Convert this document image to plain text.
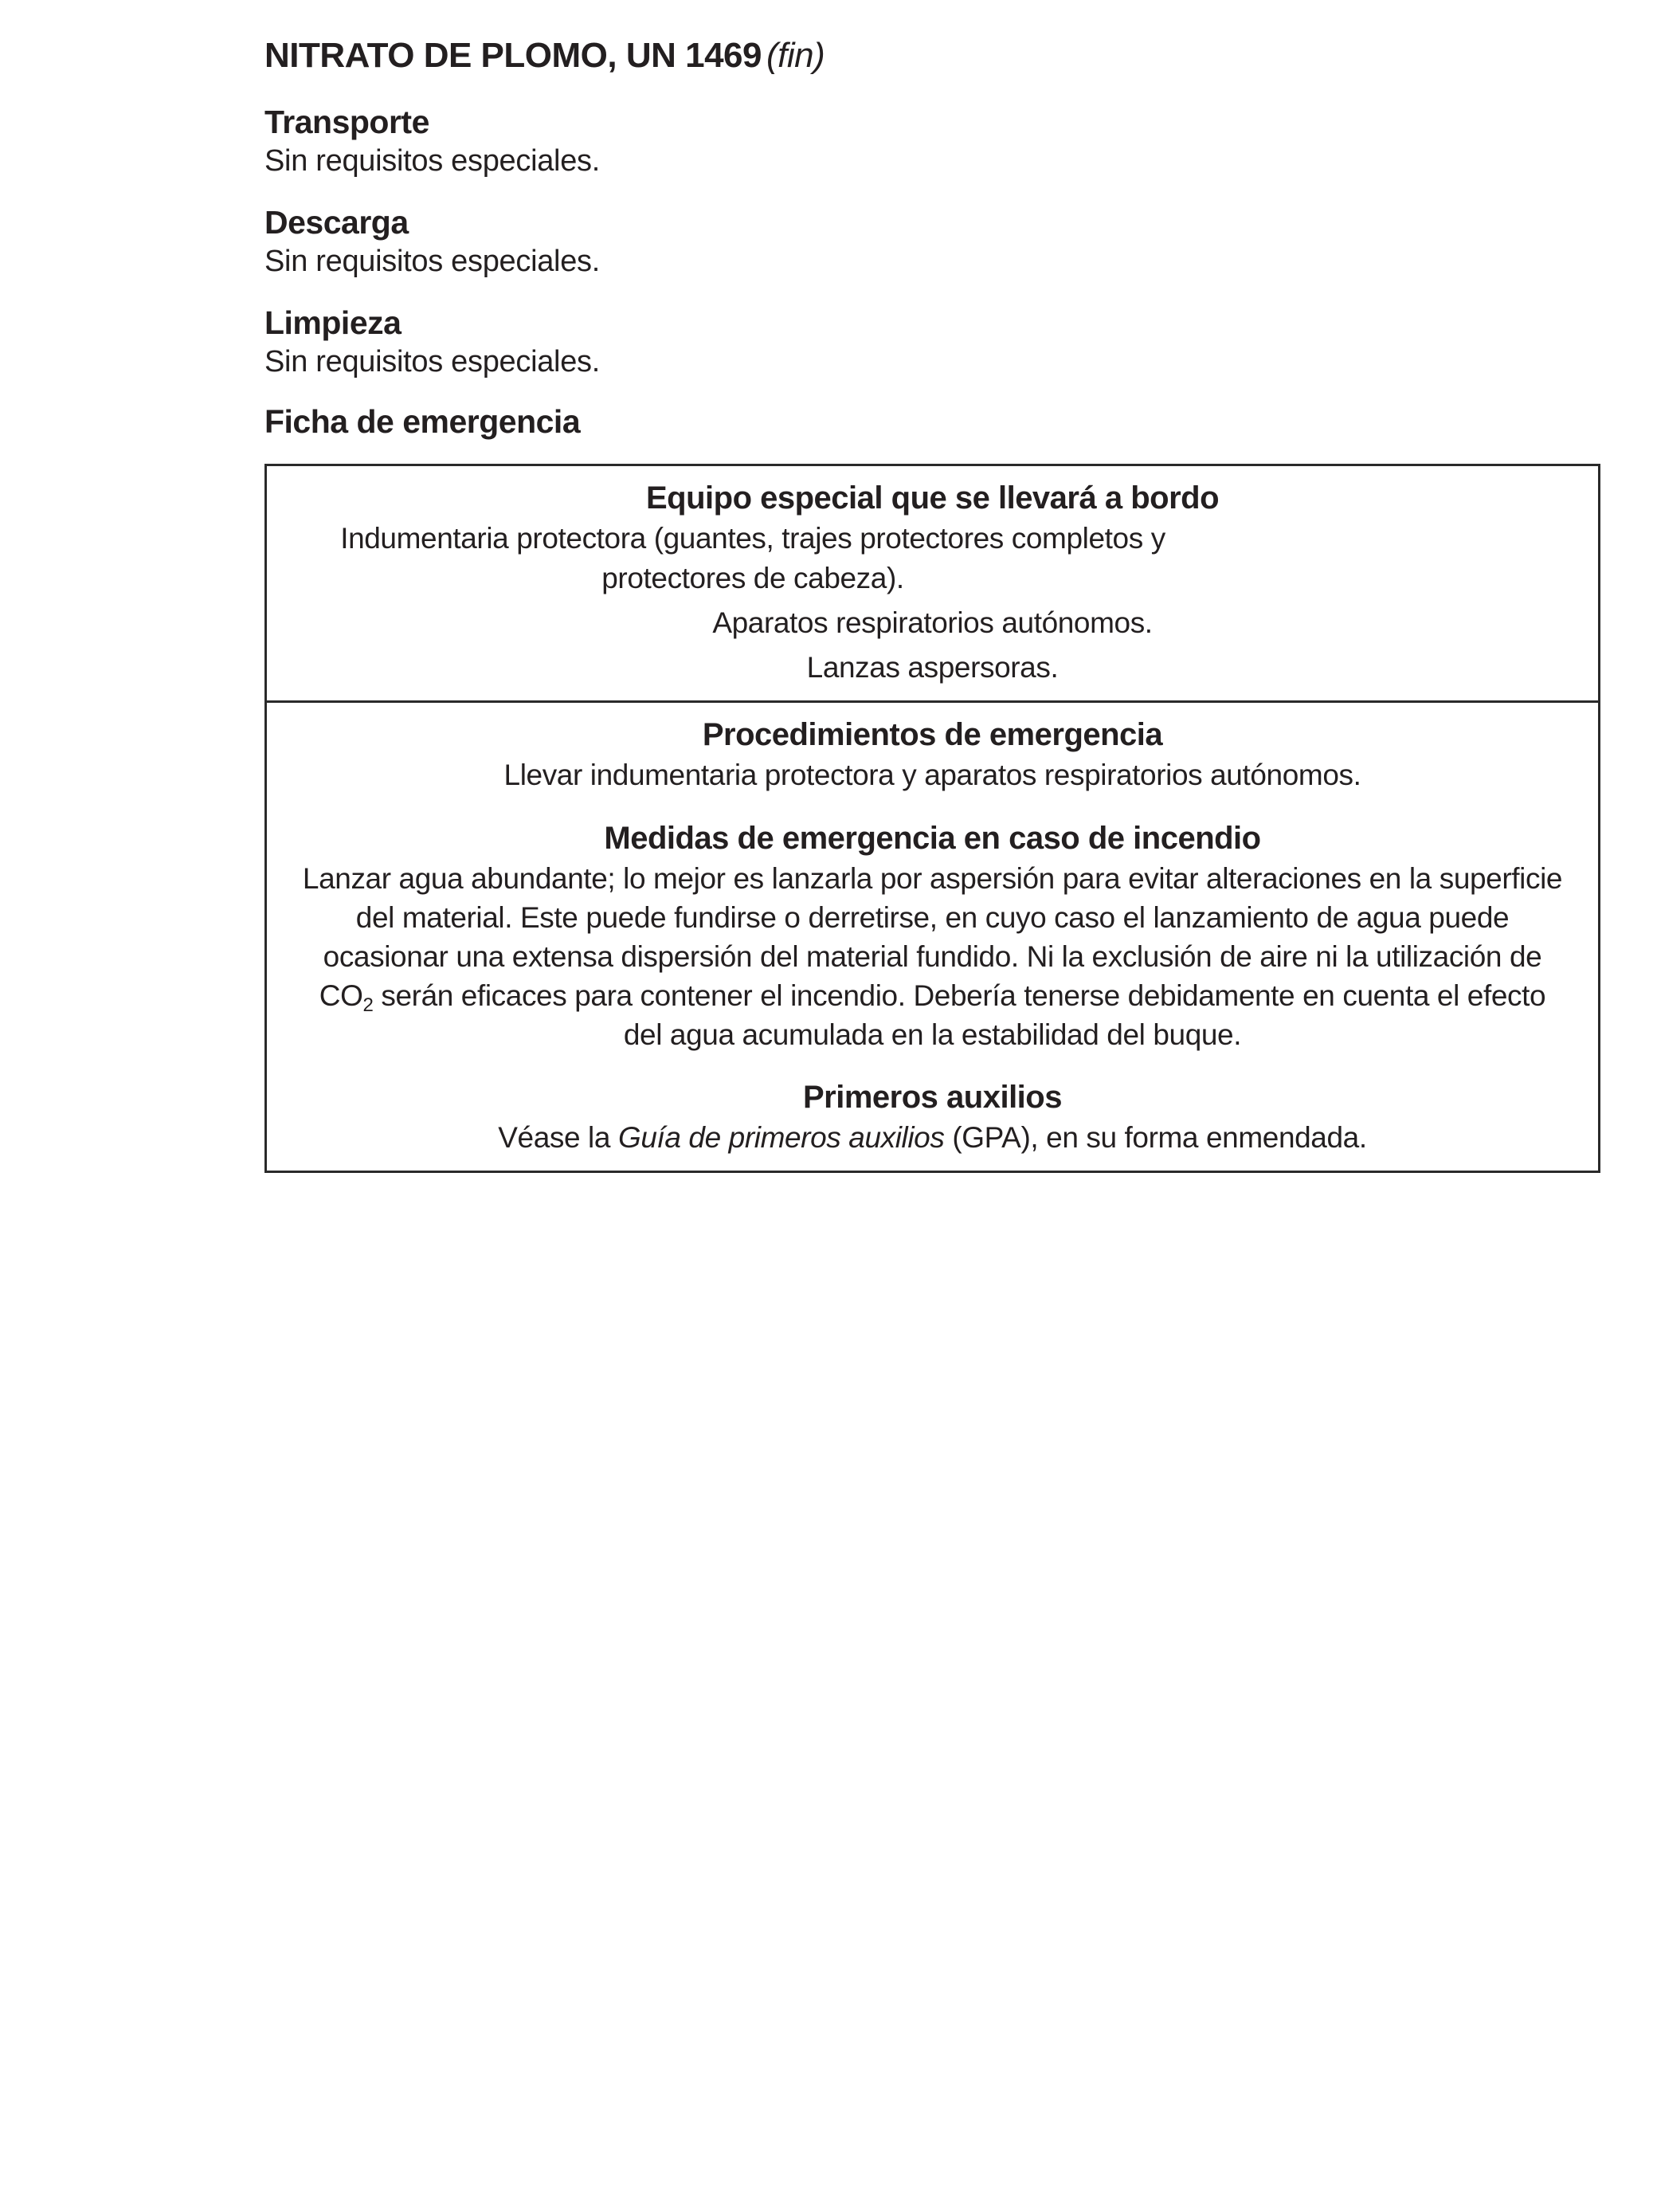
NITRATO DE PLOMO, UN 1469 (fin)
Transporte

Sin requisitos especiales.

Descarga

Sin requisitos especiales.

Limpieza

Sin requisitos especiales.

Ficha de emergencia
Equipo especial que se llevará a bordo

Indumentaria protectora (guantes, trajes protectores completos y protectores de cabeza).

Aparatos respiratorios autónomos.

Lanzas aspersoras.

Procedimientos de emergencia

Llevar indumentaria protectora y aparatos respiratorios autónomos.

Medidas de emergencia en caso de incendio

Lanzar agua abundante; lo mejor es lanzarla por aspersión para evitar alteraciones en la superficie del material. Este puede fundirse o derretirse, en cuyo caso el lanzamiento de agua puede ocasionar una extensa dispersión del material fundido. Ni la exclusión de aire ni la utilización de $CO_2$ serán eficaces para contener el incendio. Debería tenerse debidamente en cuenta el efecto del agua acumulada en la estabilidad del buque.

Primeros auxilios

Véase la Guía de primeros auxilios (GPA), en su forma enmendada.
